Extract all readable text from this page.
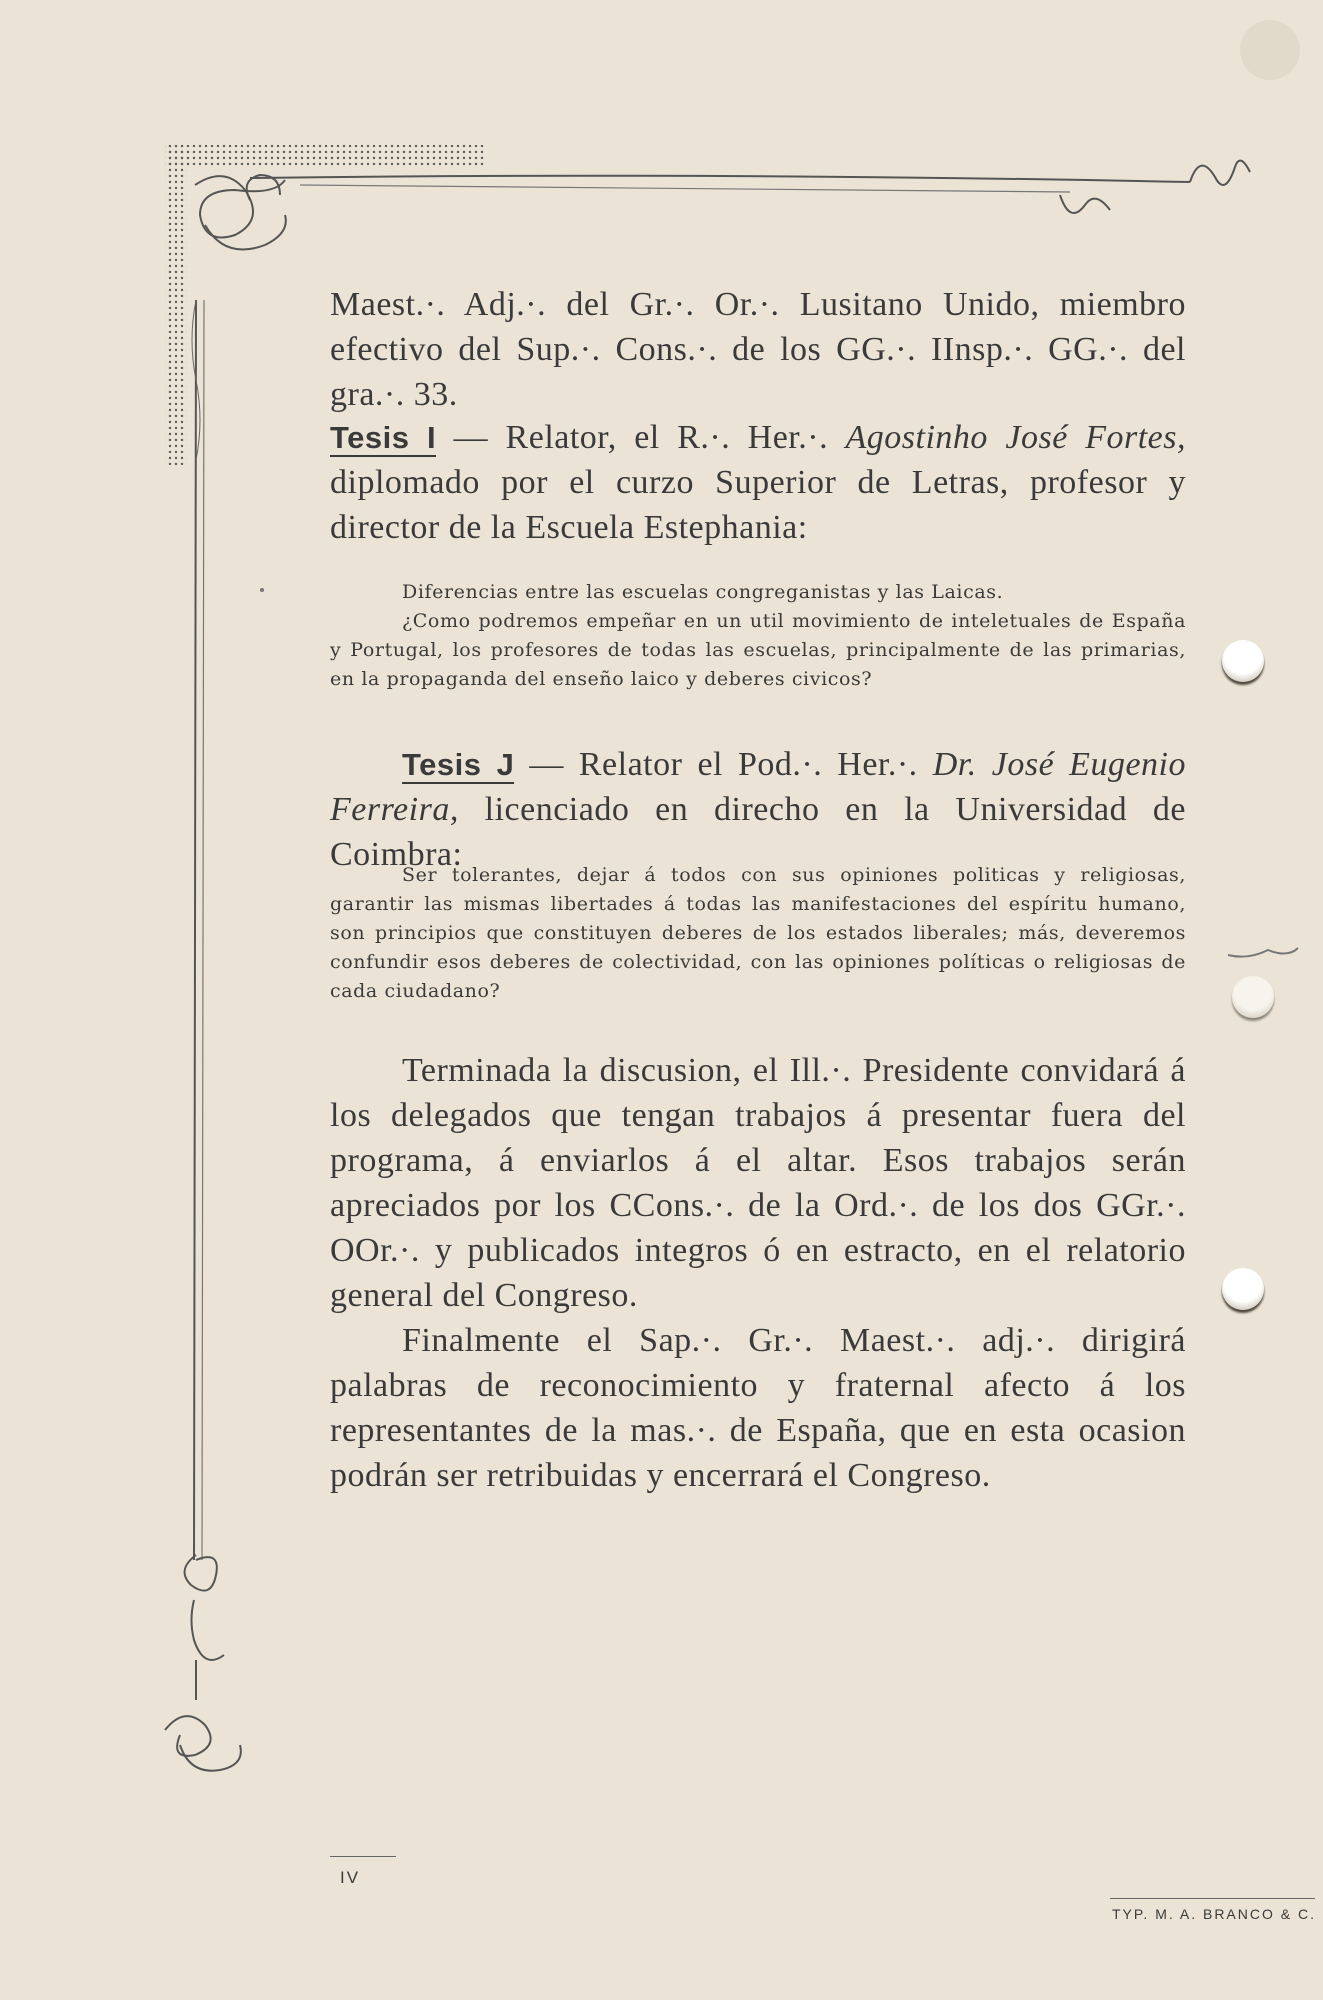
Maest.·. Adj.·. del Gr.·. Or.·. Lusitano Unido, miembro efectivo del Sup.·. Cons.·. de los GG.·. IInsp.·. GG.·. del gra.·. 33.
Tesis I — Relator, el R.·. Her.·. Agostinho José Fortes, diplomado por el curzo Superior de Letras, profesor y director de la Escuela Estephania:
Diferencias entre las escuelas congreganistas y las Laicas.
¿Como podremos empeñar en un util movimiento de inteletuales de España y Portugal, los profesores de todas las escuelas, principalmente de las primarias, en la propaganda del enseño laico y deberes civicos?
Tesis J — Relator el Pod.·. Her.·. Dr. José Eugenio Ferreira, licenciado en direcho en la Universidad de Coimbra:
Ser tolerantes, dejar á todos con sus opiniones politicas y religiosas, garantir las mismas libertades á todas las manifestaciones del espíritu humano, son principios que constituyen deberes de los estados liberales; más, deveremos confundir esos deberes de colectividad, con las opiniones políticas o religiosas de cada ciudadano?
Terminada la discusion, el Ill.·. Presidente convidará á los delegados que tengan trabajos á presentar fuera del programa, á enviarlos á el altar. Esos trabajos serán apreciados por los CCons.·. de la Ord.·. de los dos GGr.·. OOr.·. y publicados integros ó en estracto, en el relatorio general del Congreso.
Finalmente el Sap.·. Gr.·. Maest.·. adj.·. dirigirá palabras de reconocimiento y fraternal afecto á los representantes de la mas.·. de España, que en esta ocasion podrán ser retribuidas y encerrará el Congreso.
IV
TYP. M. A. BRANCO & C.
